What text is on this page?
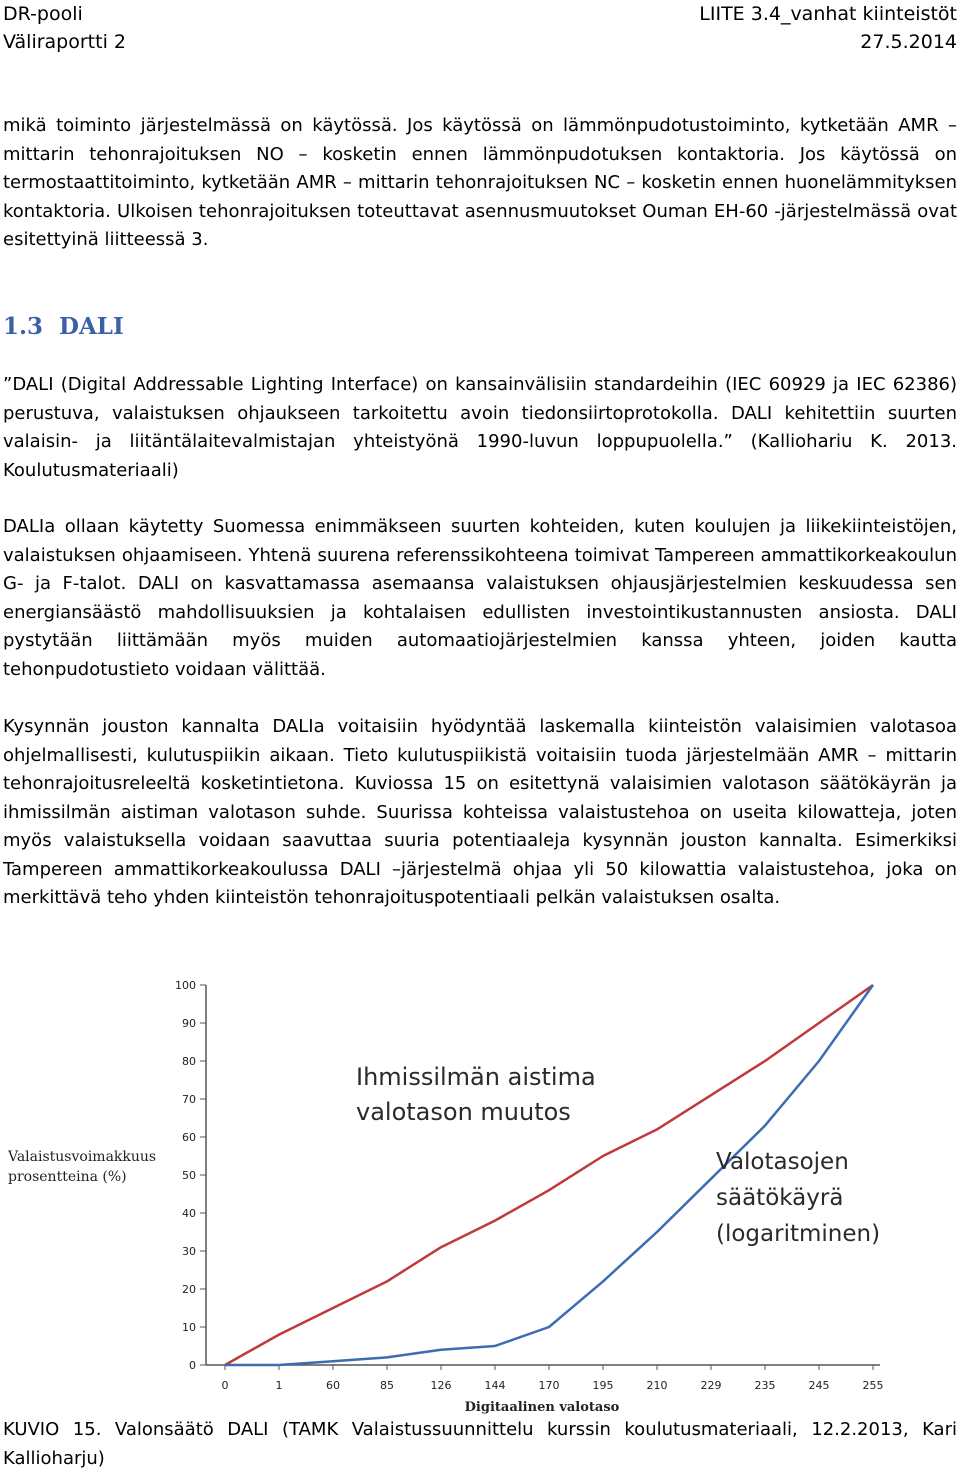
DR-pooli
Väliraportti 2
LIITE 3.4_vanhat kiinteistöt
27.5.2014

mikä toiminto järjestelmässä on käytössä. Jos käytössä on lämmönpudotustoiminto, kytketään AMR – mittarin tehonrajoituksen NO – kosketin ennen lämmönpudotuksen kontaktoria. Jos käytössä on termostaattitoiminto, kytketään AMR – mittarin tehonrajoituksen NC – kosketin ennen huonelämmityksen kontaktoria. Ulkoisen tehonrajoituksen toteuttavat asennusmuutokset Ouman EH-60 -järjestelmässä ovat esitettyinä liitteessä 3.

1.3 DALI

”DALI (Digital Addressable Lighting Interface) on kansainvälisiin standardeihin (IEC 60929 ja IEC 62386) perustuva, valaistuksen ohjaukseen tarkoitettu avoin tiedonsiirtoprotokolla. DALI kehitettiin suurten valaisin- ja liitäntälaitevalmistajan yhteistyönä 1990-luvun loppupuolella.” (Kalliohariu K. 2013. Koulutusmateriaali)

DALIa ollaan käytetty Suomessa enimmäkseen suurten kohteiden, kuten koulujen ja liikekiinteistöjen, valaistuksen ohjaamiseen. Yhtenä suurena referenssikohteena toimivat Tampereen ammattikorkeakoulun G- ja F-talot. DALI on kasvattamassa asemaansa valaistuksen ohjausjärjestelmien keskuudessa sen energiansäästö mahdollisuuksien ja kohtalaisen edullisten investointikustannusten ansiosta. DALI pystytään liittämään myös muiden automaatiojärjestelmien kanssa yhteen, joiden kautta tehonpudotustieto voidaan välittää.

Kysynnän jouston kannalta DALIa voitaisiin hyödyntää laskemalla kiinteistön valaisimien valotasoa ohjelmallisesti, kulutuspiikin aikaan. Tieto kulutuspiikistä voitaisiin tuoda järjestelmään AMR – mittarin tehonrajoitusreleeltä kosketintietona. Kuviossa 15 on esitettynä valaisimien valotason säätökäyrän ja ihmissilmän aistiman valotason suhde. Suurissa kohteissa valaistustehoa on useita kilowatteja, joten myös valaistuksella voidaan saavuttaa suuria potentiaaleja kysynnän jouston kannalta. Esimerkiksi Tampereen ammattikorkeakoulussa DALI –järjestelmä ohjaa yli 50 kilowattia valaistustehoa, joka on merkittävä teho yhden kiinteistön tehonrajoituspotentiaali pelkän valaistuksen osalta.

Valaistusvoimakkuus
prosentteina (%)
0
10
20
30
40
50
60
70
80
90
100
0	1	60	85	126	144	170	195	210	229	235	245	255
Ihmissilmän aistima
valotason muutos
Valotasojen
säätökäyrä
(logaritminen)
Digitaalinen valotaso

KUVIO 15. Valonsäätö DALI (TAMK Valaistussuunnittelu kurssin koulutusmateriaali, 12.2.2013, Kari Kallioharju)
